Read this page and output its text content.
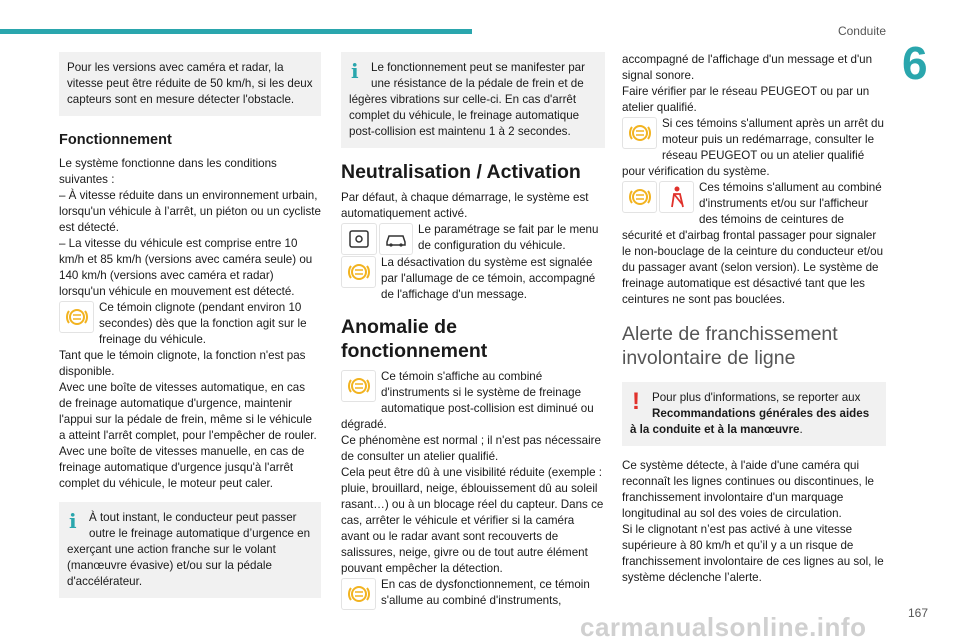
Conduite
6
167
carmanualsonline.info

Pour les versions avec caméra et radar, la vitesse peut être réduite de 50 km/h, si les deux capteurs sont en mesure détecter l'obstacle.

Fonctionnement

Le système fonctionne dans les conditions suivantes :

– À vitesse réduite dans un environnement urbain, lorsqu'un véhicule à l’arrêt, un piéton ou un cycliste est détecté.

– La vitesse du véhicule est comprise entre 10 km/h et 85 km/h (versions avec caméra seule) ou 140 km/h (versions avec caméra et radar) lorsqu'un véhicule en mouvement est détecté.

Ce témoin clignote (pendant environ 10 secondes) dès que la fonction agit sur le freinage du véhicule.

Tant que le témoin clignote, la fonction n'est pas disponible.

Avec une boîte de vitesses automatique, en cas de freinage automatique d'urgence, maintenir l'appui sur la pédale de frein, même si le véhicule a atteint l'arrêt complet, pour l'empêcher de rouler.

Avec une boîte de vitesses manuelle, en cas de freinage automatique d'urgence jusqu'à l'arrêt complet du véhicule, le moteur peut caler.

i	À tout instant, le conducteur peut passer outre le freinage automatique d’urgence en exerçant une action franche sur le volant (manœuvre évasive) et/ou sur la pédale d'accélérateur.

i	Le fonctionnement peut se manifester par une résistance de la pédale de frein et de légères vibrations sur celle-ci. En cas d'arrêt complet du véhicule, le freinage automatique post-collision est maintenu 1 à 2 secondes.

Neutralisation / Activation

Par défaut, à chaque démarrage, le système est automatiquement activé.

Le paramétrage se fait par le menu de configuration du véhicule.

La désactivation du système est signalée par l'allumage de ce témoin, accompagné de l'affichage d'un message.

Anomalie de fonctionnement

Ce témoin s'affiche au combiné d'instruments si le système de freinage automatique post-collision est diminué ou dégradé.

Ce phénomène est normal ; il n'est pas nécessaire de consulter un atelier qualifié.

Cela peut être dû à une visibilité réduite (exemple : pluie, brouillard, neige, éblouissement dû au soleil rasant…) ou à un blocage réel du capteur. Dans ce cas, arrêter le véhicule et vérifier si la caméra avant ou le radar avant sont recouverts de salissures, neige, givre ou de tout autre élément pouvant empêcher la détection.

En cas de dysfonctionnement, ce témoin s'allume au combiné d'instruments,

accompagné de l'affichage d'un message et d'un signal sonore.

Faire vérifier par le réseau PEUGEOT ou par un atelier qualifié.

Si ces témoins s'allument après un arrêt du moteur puis un redémarrage, consulter le réseau PEUGEOT ou un atelier qualifié pour vérification du système.

Ces témoins s'allument au combiné d'instruments et/ou sur l'afficheur des témoins de ceintures de sécurité et d'airbag frontal passager pour signaler le non-bouclage de la ceinture du conducteur et/ou du passager avant (selon version). Le système de freinage automatique est désactivé tant que les ceintures ne sont pas bouclées.

Alerte de franchissement involontaire de ligne
!	Pour plus d'informations, se reporter aux Recommandations générales des aides à la conduite et à la manœuvre.

Ce système détecte, à l'aide d'une caméra qui reconnaît les lignes continues ou discontinues, le franchissement involontaire d'un marquage longitudinal au sol des voies de circulation.

Si le clignotant n’est pas activé à une vitesse supérieure à 80 km/h et qu’il y a un risque de franchissement involontaire de ces lignes au sol, le système déclenche l’alerte.
